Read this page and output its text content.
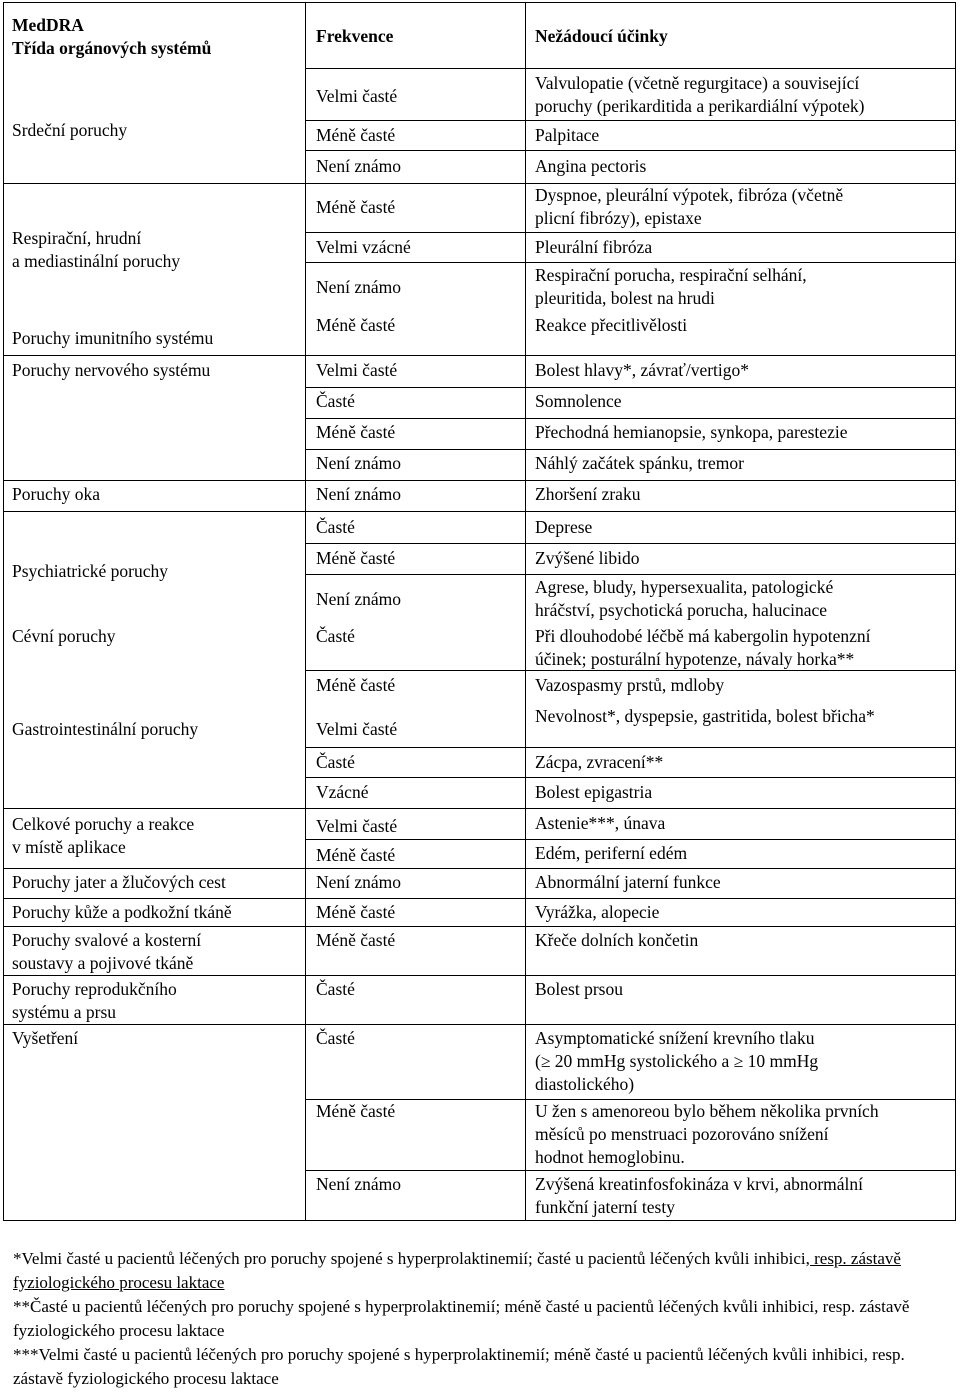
MedDRA
Třída orgánových systémů
Frekvence	Nežádoucí účinky
Srdeční poruchy
Respirační, hrudní
a mediastinální poruchy
Poruchy imunitního systému
Poruchy nervového systému
Poruchy oka
Psychiatrické poruchy
Cévní poruchy
Gastrointestinální poruchy
Celkové poruchy a reakce
v místě aplikace
Poruchy jater a žlučových cest
Poruchy kůže a podkožní tkáně
Poruchy svalové a kosterní
soustavy a pojivové tkáně
Poruchy reprodukčního
systému a prsu
Vyšetření
Velmi časté
Méně časté
Není známo
Méně časté
Velmi vzácné
Není známo
Méně časté
Velmi časté
Časté
Méně časté
Není známo
Není známo
Časté
Méně časté
Není známo
Časté
Méně časté
Velmi časté
Časté
Vzácné
Velmi časté
Méně časté
Není známo
Méně časté
Méně časté
Časté
Časté
Méně časté
Není známo
Valvulopatie (včetně regurgitace) a související
poruchy (perikarditida a perikardiální výpotek)
Palpitace
Angina pectoris
Dyspnoe, pleurální výpotek, fibróza (včetně
plicní fibrózy), epistaxe
Pleurální fibróza
Respirační porucha, respirační selhání,
pleuritida, bolest na hrudi
Reakce přecitlivělosti
Bolest hlavy*, závrať/vertigo*
Somnolence
Přechodná hemianopsie, synkopa, parestezie
Náhlý začátek spánku, tremor
Zhoršení zraku
Deprese
Zvýšené libido
Agrese, bludy, hypersexualita, patologické
hráčství, psychotická porucha, halucinace
Při dlouhodobé léčbě má kabergolin hypotenzní
účinek; posturální hypotenze, návaly horka**
Vazospasmy prstů, mdloby
Nevolnost*, dyspepsie, gastritida, bolest břicha*
Zácpa, zvracení**
Bolest epigastria
Astenie***, únava
Edém, periferní edém
Abnormální jaterní funkce
Vyrážka, alopecie
Křeče dolních končetin
Bolest prsou
Asymptomatické snížení krevního tlaku
(≥ 20 mmHg systolického a ≥ 10 mmHg
diastolického)
U žen s amenoreou bylo během několika prvních
měsíců po menstruaci pozorováno snížení
hodnot hemoglobinu.
Zvýšená kreatinfosfokináza v krvi, abnormální
funkční jaterní testy
*Velmi časté u pacientů léčených pro poruchy spojené s hyperprolaktinemií; časté u pacientů léčených kvůli inhibici, resp. zástavě fyziologického procesu laktace
**Časté u pacientů léčených pro poruchy spojené s hyperprolaktinemií; méně časté u pacientů léčených kvůli inhibici, resp. zástavě fyziologického procesu laktace
***Velmi časté u pacientů léčených pro poruchy spojené s hyperprolaktinemií; méně časté u pacientů léčených kvůli inhibici, resp. zástavě fyziologického procesu laktace
